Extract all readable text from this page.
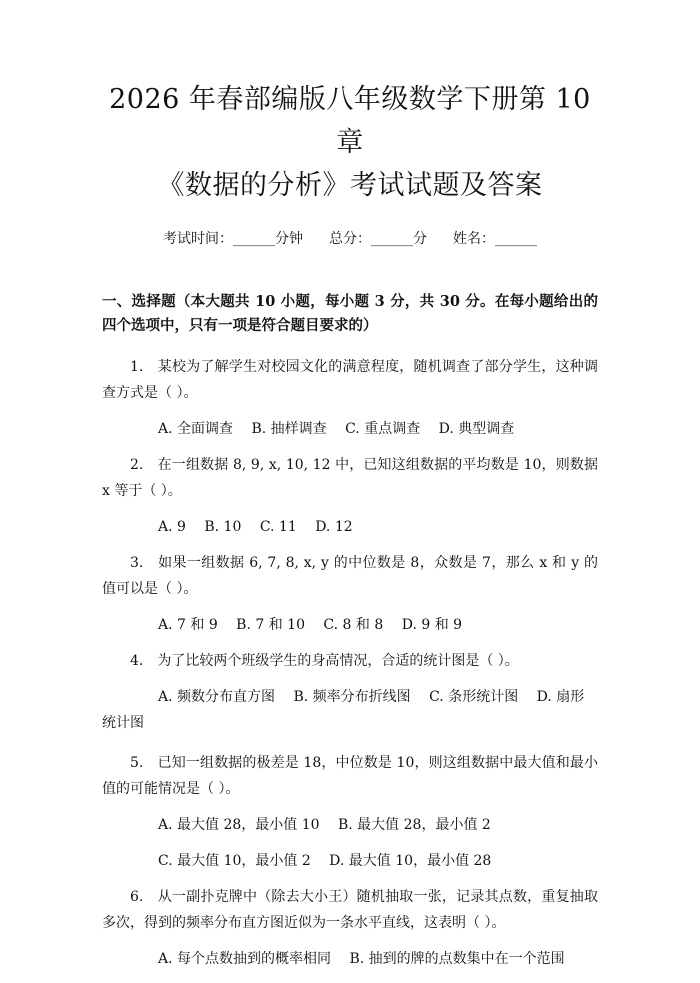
2026 年春部编版八年级数学下册第 10 章
《数据的分析》考试试题及答案
考试时间：______分钟 总分：______分 姓名：______
一、选择题（本大题共 10 小题，每小题 3 分，共 30 分。在每小题给出的四个选项中，只有一项是符合题目要求的）
1.　某校为了解学生对校园文化的满意程度，随机调查了部分学生，这种调查方式是（ ）。
A. 全面调查　 B. 抽样调查　 C. 重点调查　 D. 典型调查
2.　在一组数据 8, 9, x, 10, 12 中，已知这组数据的平均数是 10，则数据 x 等于（ ）。
A. 9　 B. 10　 C. 11　 D. 12
3.　如果一组数据 6, 7, 8, x, y 的中位数是 8，众数是 7，那么 x 和 y 的值可以是（ ）。
A. 7 和 9　 B. 7 和 10　 C. 8 和 8　 D. 9 和 9
4.　为了比较两个班级学生的身高情况，合适的统计图是（ ）。
A. 频数分布直方图　 B. 频率分布折线图　 C. 条形统计图　 D. 扇形统计图
5.　已知一组数据的极差是 18，中位数是 10，则这组数据中最大值和最小值的可能情况是（ ）。
A. 最大值 28，最小值 10　 B. 最大值 28，最小值 2
C. 最大值 10，最小值 2　 D. 最大值 10，最小值 28
6.　从一副扑克牌中（除去大小王）随机抽取一张，记录其点数，重复抽取多次，得到的频率分布直方图近似为一条水平直线，这表明（ ）。
A. 每个点数抽到的概率相同　 B. 抽到的牌的点数集中在一个范围
